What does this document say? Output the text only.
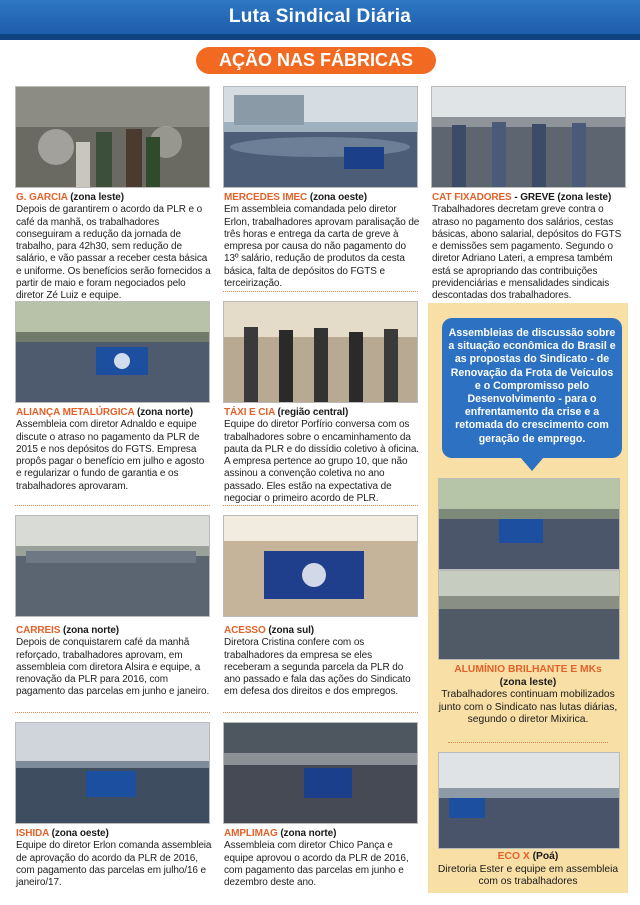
Luta Sindical Diária
AÇÃO NAS FÁBRICAS
G. GARCIA (zona leste)
Depois de garantirem o acordo da PLR e o café da manhã, os trabalhadores conseguiram a redução da jornada de trabalho, para 42h30, sem redução de salário, e vão passar a receber cesta básica e uniforme. Os benefícios serão fornecidos a partir de maio e foram negociados pelo diretor Zé Luiz e equipe.
MERCEDES IMEC (zona oeste)
Em assembleia comandada pelo diretor Erlon, trabalhadores aprovam paralisação de três horas e entrega da carta de greve à empresa por causa do não pagamento do 13º salário, redução de produtos da cesta básica, falta de depósitos do FGTS e terceirização.
CAT FIXADORES - GREVE (zona leste)
Trabalhadores decretam greve contra o atraso no pagamento dos salários, cestas básicas, abono salarial, depósitos do FGTS e demissões sem pagamento. Segundo o diretor Adriano Lateri, a empresa também está se apropriando das contribuições previdenciárias e mensalidades sindicais descontadas dos trabalhadores.
ALIANÇA METALÚRGICA (zona norte)
Assembleia com diretor Adnaldo e equipe discute o atraso no pagamento da PLR de 2015 e nos depósitos do FGTS. Empresa propôs pagar o benefício em julho e agosto e regularizar o fundo de garantia e os trabalhadores aprovaram.
TÁXI E CIA (região central)
Equipe do diretor Porfírio conversa com os trabalhadores sobre o encaminhamento da pauta da PLR e do dissídio coletivo à oficina. A empresa pertence ao grupo 10, que não assinou a convenção coletiva no ano passado. Eles estão na expectativa de negociar o primeiro acordo de PLR.
CARREIS (zona norte)
Depois de conquistarem café da manhã reforçado, trabalhadores aprovam, em assembleia com diretora Alsira e equipe, a renovação da PLR para 2016, com pagamento das parcelas em junho e janeiro.
ACESSO (zona sul)
Diretora Cristina confere com os trabalhadores da empresa se eles receberam a segunda parcela da PLR do ano passado e fala das ações do Sindicato em defesa dos direitos e dos empregos.
ISHIDA (zona oeste)
Equipe do diretor Erlon comanda assembleia de aprovação do acordo da PLR de 2016, com pagamento das parcelas em julho/16 e janeiro/17.
AMPLIMAG (zona norte)
Assembleia com diretor Chico Pança e equipe aprovou o acordo da PLR de 2016, com pagamento das parcelas em junho e dezembro deste ano.
Assembleias de discussão sobre a situação econômica do Brasil e as propostas do Sindicato - de Renovação da Frota de Veículos e o Compromisso pelo Desenvolvimento - para o enfrentamento da crise e a retomada do crescimento com geração de emprego.
ALUMÍNIO BRILHANTE E MKs
(zona leste)
Trabalhadores continuam mobilizados junto com o Sindicato nas lutas diárias, segundo o diretor Mixirica.
ECO X (Poá)
Diretoria Ester e equipe em assembleia com os trabalhadores
